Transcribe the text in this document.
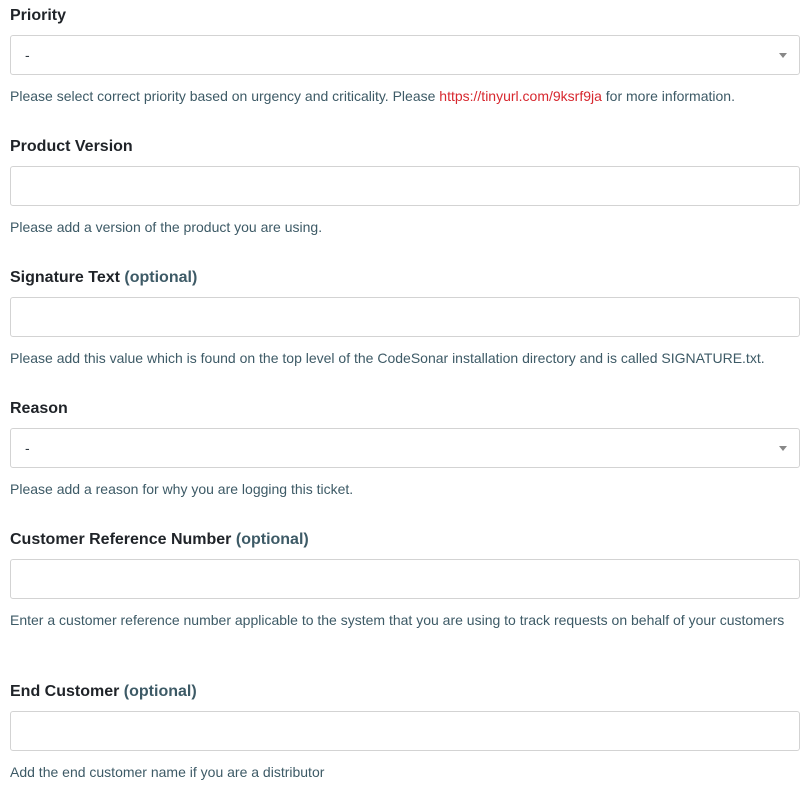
Priority
-
Please select correct priority based on urgency and criticality. Please https://tinyurl.com/9ksrf9ja for more information.
Product Version
Please add a version of the product you are using.
Signature Text (optional)
Please add this value which is found on the top level of the CodeSonar installation directory and is called SIGNATURE.txt.
Reason
-
Please add a reason for why you are logging this ticket.
Customer Reference Number (optional)
Enter a customer reference number applicable to the system that you are using to track requests on behalf of your customers
End Customer (optional)
Add the end customer name if you are a distributor
